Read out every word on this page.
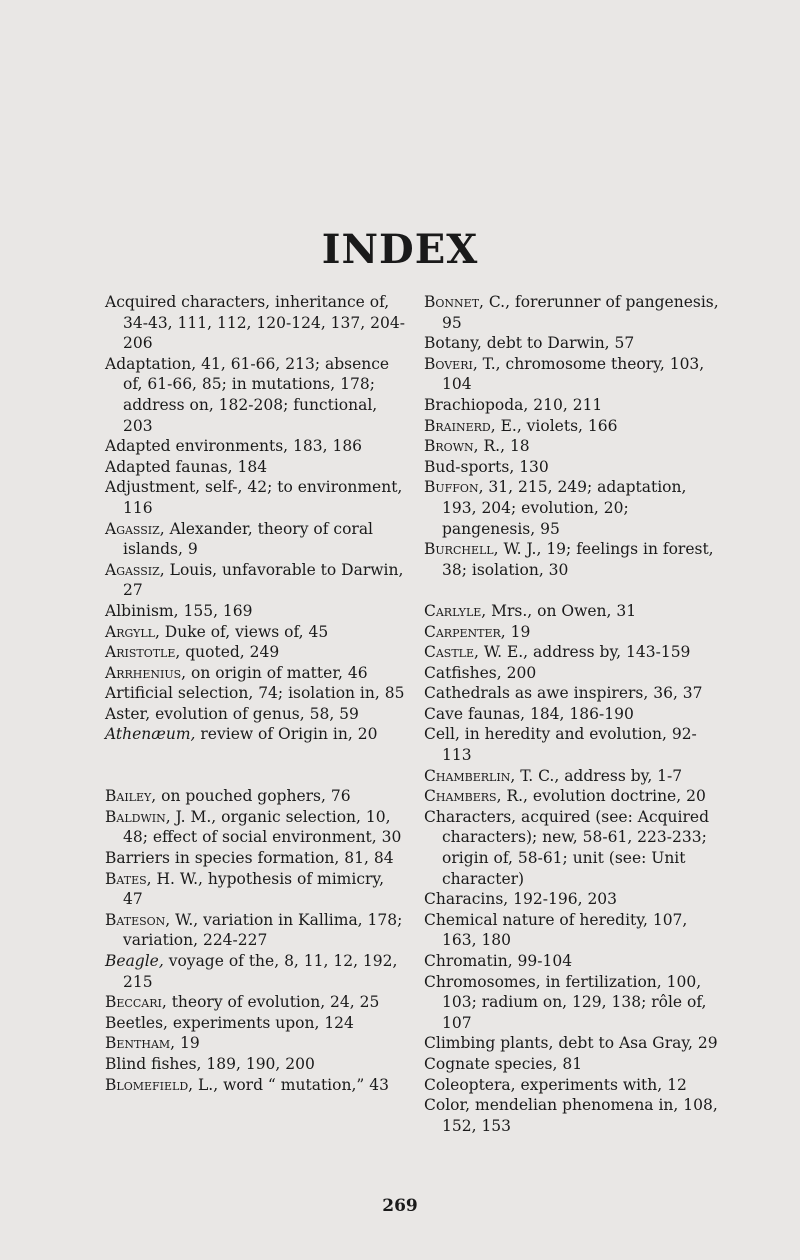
INDEX

Acquired characters, inheritance of, 34-43, 111, 112, 120-124, 137, 204-206

Adaptation, 41, 61-66, 213; absence of, 61-66, 85; in mutations, 178; address on, 182-208; functional, 203

Adapted environments, 183, 186

Adapted faunas, 184

Adjustment, self-, 42; to environment, 116

Agassiz, Alexander, theory of coral islands, 9

Agassiz, Louis, unfavorable to Darwin, 27

Albinism, 155, 169

Argyll, Duke of, views of, 45

Aristotle, quoted, 249

Arrhenius, on origin of matter, 46

Artificial selection, 74; isolation in, 85

Aster, evolution of genus, 58, 59

Athenæum, review of Origin in, 20

Bailey, on pouched gophers, 76

Baldwin, J. M., organic selection, 10, 48; effect of social environment, 30

Barriers in species formation, 81, 84

Bates, H. W., hypothesis of mimicry, 47

Bateson, W., variation in Kallima, 178; variation, 224-227

Beagle, voyage of the, 8, 11, 12, 192, 215

Beccari, theory of evolution, 24, 25

Beetles, experiments upon, 124

Bentham, 19

Blind fishes, 189, 190, 200

Blomefield, L., word “ mutation,” 43

Bonnet, C., forerunner of pangenesis, 95

Botany, debt to Darwin, 57

Boveri, T., chromosome theory, 103, 104

Brachiopoda, 210, 211

Brainerd, E., violets, 166

Brown, R., 18

Bud-sports, 130

Buffon, 31, 215, 249; adaptation, 193, 204; evolution, 20; pangenesis, 95

Burchell, W. J., 19; feelings in forest, 38; isolation, 30

Carlyle, Mrs., on Owen, 31

Carpenter, 19

Castle, W. E., address by, 143-159

Catfishes, 200

Cathedrals as awe inspirers, 36, 37

Cave faunas, 184, 186-190

Cell, in heredity and evolution, 92-113

Chamberlin, T. C., address by, 1-7

Chambers, R., evolution doctrine, 20

Characters, acquired (see: Acquired characters); new, 58-61, 223-233; origin of, 58-61; unit (see: Unit character)

Characins, 192-196, 203

Chemical nature of heredity, 107, 163, 180

Chromatin, 99-104

Chromosomes, in fertilization, 100, 103; radium on, 129, 138; rôle of, 107

Climbing plants, debt to Asa Gray, 29

Cognate species, 81

Coleoptera, experiments with, 12

Color, mendelian phenomena in, 108, 152, 153

269
